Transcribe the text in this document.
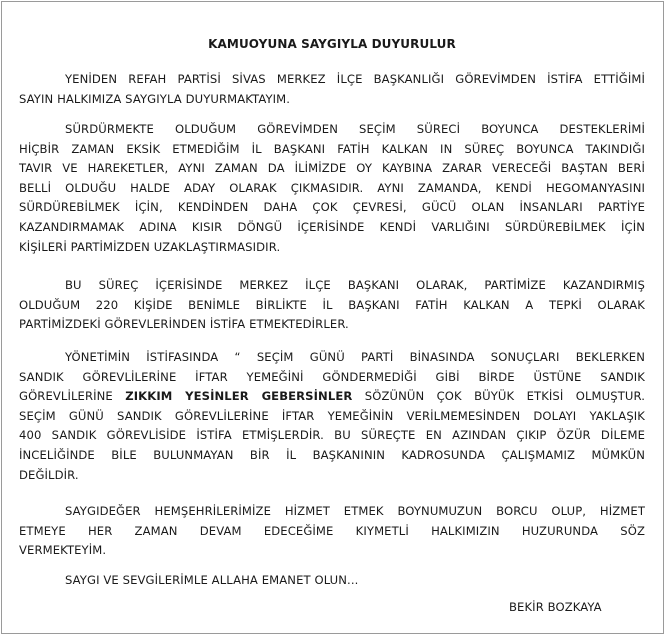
KAMUOYUNA SAYGIYLA DUYURULUR
YENİDEN REFAH PARTİSİ SİVAS MERKEZ İLÇE BAŞKANLIĞI GÖREVİMDEN İSTİFA ETTİĞİMİ
SAYIN HALKIMIZA SAYGIYLA DUYURMAKTAYIM.
SÜRDÜRMEKTE OLDUĞUM GÖREVİMDEN SEÇİM SÜRECİ BOYUNCA DESTEKLERİMİ
HİÇBİR ZAMAN EKSİK ETMEDİĞİM İL BAŞKANI FATİH KALKAN IN SÜREÇ BOYUNCA TAKINDIĞI
TAVIR VE HAREKETLER, AYNI ZAMAN DA İLİMİZDE OY KAYBINA ZARAR VERECEĞİ BAŞTAN BERİ
BELLİ OLDUĞU HALDE ADAY OLARAK ÇIKMASIDIR. AYNI ZAMANDA, KENDİ HEGOMANYASINI
SÜRDÜREBİLMEK İÇİN, KENDİNDEN DAHA ÇOK ÇEVRESİ, GÜCÜ OLAN İNSANLARI PARTİYE
KAZANDIRMAMAK ADINA KISIR DÖNGÜ İÇERİSİNDE KENDİ VARLIĞINI SÜRDÜREBİLMEK İÇİN
KİŞİLERİ PARTİMİZDEN UZAKLAŞTIRMASIDIR.
BU SÜREÇ İÇERİSİNDE MERKEZ İLÇE BAŞKANI OLARAK, PARTİMİZE KAZANDIRMIŞ
OLDUĞUM 220 KİŞİDE BENİMLE BİRLİKTE İL BAŞKANI FATİH KALKAN A TEPKİ OLARAK
PARTİMİZDEKİ GÖREVLERİNDEN İSTİFA ETMEKTEDİRLER.
YÖNETİMİN İSTİFASINDA “ SEÇİM GÜNÜ PARTİ BİNASINDA SONUÇLARI BEKLERKEN
SANDIK GÖREVLİLERİNE İFTAR YEMEĞİNİ GÖNDERMEDİĞİ GİBİ BİRDE ÜSTÜNE SANDIK
GÖREVLİLERİNE ZIKKIM YESİNLER GEBERSİNLER SÖZÜNÜN ÇOK BÜYÜK ETKİSİ OLMUŞTUR.
SEÇİM GÜNÜ SANDIK GÖREVLİLERİNE İFTAR YEMEĞİNİN VERİLMEMESİNDEN DOLAYI YAKLAŞIK
400 SANDIK GÖREVLİSİDE İSTİFA ETMİŞLERDİR. BU SÜREÇTE EN AZINDAN ÇIKIP ÖZÜR DİLEME
İNCELİĞİNDE BİLE BULUNMAYAN BİR İL BAŞKANININ KADROSUNDA ÇALIŞMAMIZ MÜMKÜN
DEĞİLDİR.
SAYGIDEĞER HEMŞEHRİLERİMİZE HİZMET ETMEK BOYNUMUZUN BORCU OLUP, HİZMET
ETMEYE HER ZAMAN DEVAM EDECEĞİME KIYMETLİ HALKIMIZIN HUZURUNDA SÖZ
VERMEKTEYİM.
SAYGI VE SEVGİLERİMLE ALLAHA EMANET OLUN...
BEKİR BOZKAYA
